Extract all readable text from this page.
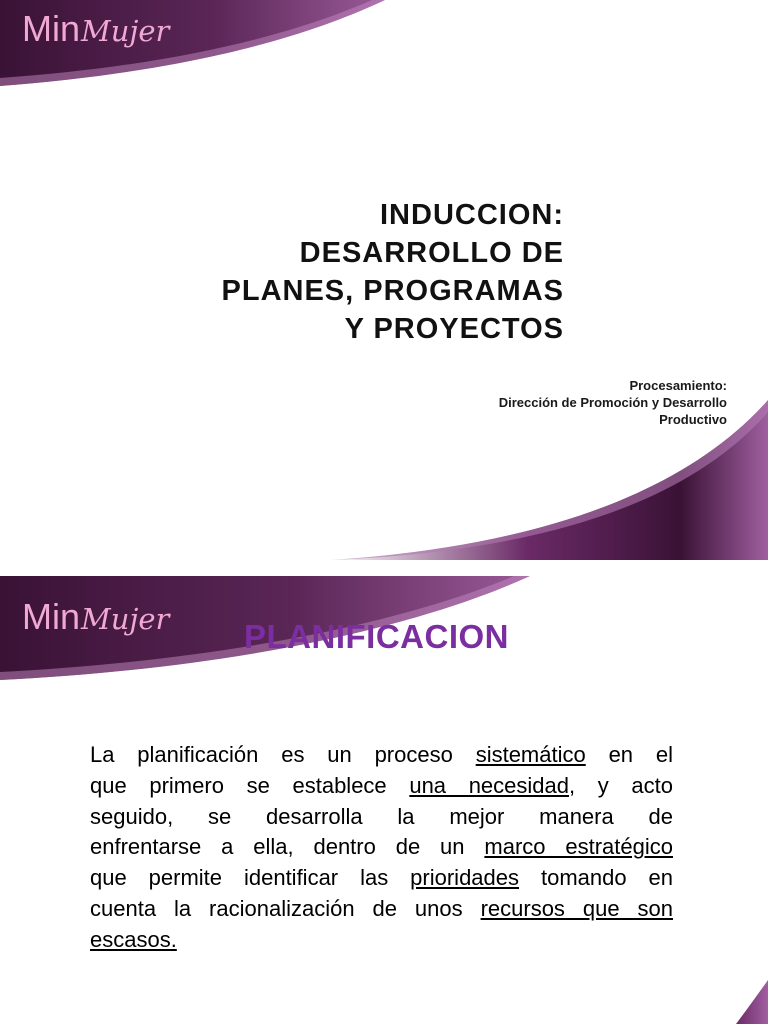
MinMujer
INDUCCION:
DESARROLLO DE
PLANES, PROGRAMAS
Y PROYECTOS
Procesamiento:
Dirección de Promoción y Desarrollo
Productivo
MinMujer PLANIFICACION
La planificación es un proceso sistemático en el
que primero se establece una necesidad, y acto
seguido, se desarrolla la mejor manera de
enfrentarse a ella, dentro de un marco estratégico
que permite identificar las prioridades tomando en
cuenta la racionalización de unos recursos que son
escasos.
